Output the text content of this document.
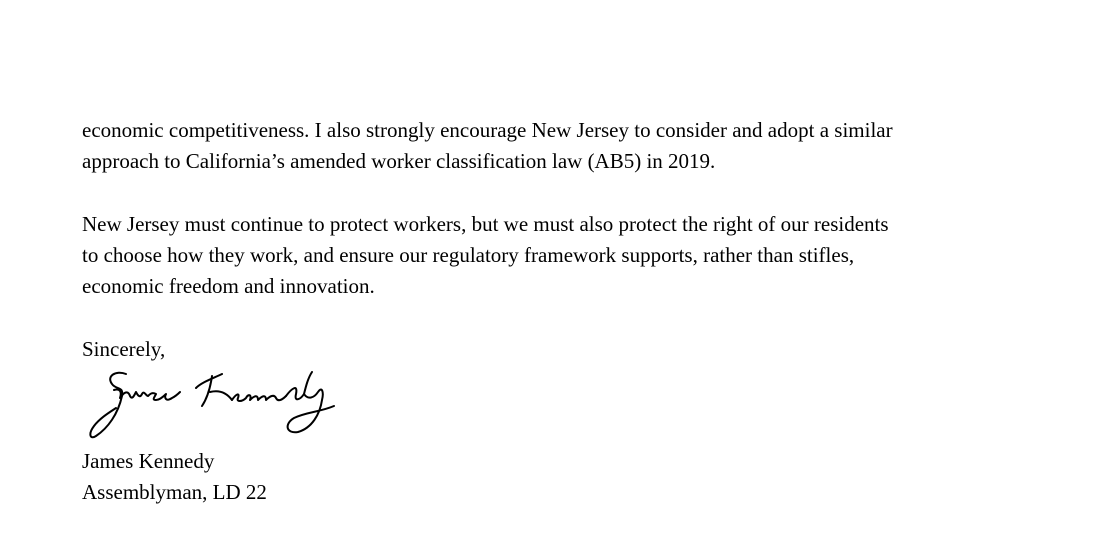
economic competitiveness. I also strongly encourage New Jersey to consider and adopt a similar
approach to California’s amended worker classification law (AB5) in 2019.

New Jersey must continue to protect workers, but we must also protect the right of our residents
to choose how they work, and ensure our regulatory framework supports, rather than stifles,
economic freedom and innovation.

Sincerely,

James Kennedy

Assemblyman, LD 22
